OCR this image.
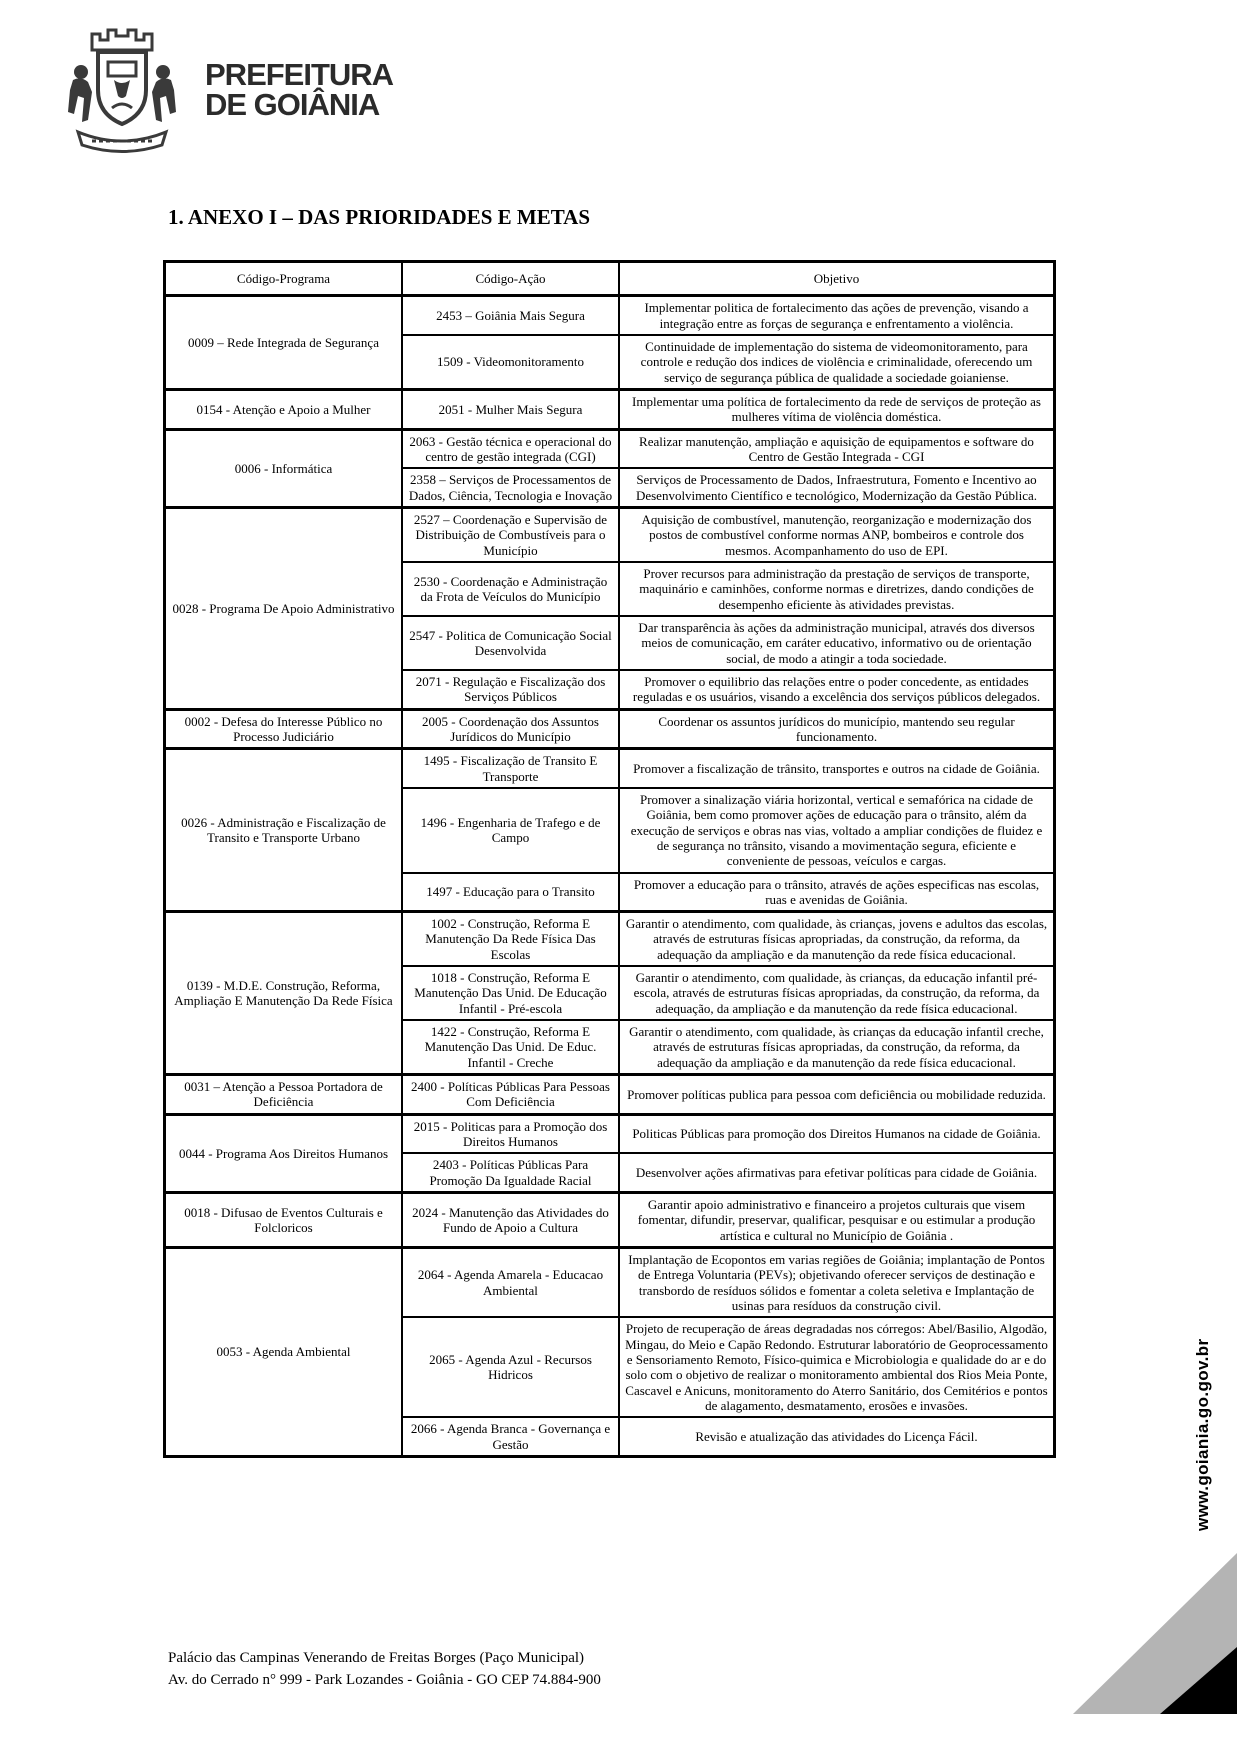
PREFEITURA
DE GOIÂNIA
1. ANEXO I – DAS PRIORIDADES E METAS
Código-Programa	Código-Ação	Objetivo
0009 – Rede Integrada de Segurança	2453 – Goiânia Mais Segura	Implementar politica de fortalecimento das ações de prevenção, visando a integração entre as forças de segurança e enfrentamento a violência.
	1509 - Videomonitoramento	Continuidade de implementação do sistema de videomonitoramento, para controle e redução dos indices de violência e criminalidade, oferecendo um serviço de segurança pública de qualidade a sociedade goianiense.
0154 - Atenção e Apoio a Mulher	2051 - Mulher Mais Segura	Implementar uma política de fortalecimento da rede de serviços de proteção as mulheres vítima de violência doméstica.
0006 - Informática	2063 - Gestão técnica e operacional do centro de gestão integrada (CGI)	Realizar manutenção, ampliação e aquisição de equipamentos e software do Centro de Gestão Integrada - CGI
	2358 – Serviços de Processamentos de Dados, Ciência, Tecnologia e Inovação	Serviços de Processamento de Dados, Infraestrutura, Fomento e Incentivo ao Desenvolvimento Científico e tecnológico, Modernização da Gestão Pública.
0028 - Programa De Apoio Administrativo	2527 – Coordenação e Supervisão de Distribuição de Combustíveis para o Município	Aquisição de combustível, manutenção, reorganização e modernização dos postos de combustível conforme normas ANP, bombeiros e controle dos mesmos. Acompanhamento do uso de EPI.
	2530 - Coordenação e Administração da Frota de Veículos do Município	Prover recursos para administração da prestação de serviços de transporte, maquinário e caminhões, conforme normas e diretrizes, dando condições de desempenho eficiente às atividades previstas.
	2547 - Politica de Comunicação Social Desenvolvida	Dar transparência às ações da administração municipal, através dos diversos meios de comunicação, em caráter educativo, informativo ou de orientação social, de modo a atingir a toda sociedade.
	2071 - Regulação e Fiscalização dos Serviços Públicos	Promover o equilibrio das relações entre o poder concedente, as entidades reguladas e os usuários, visando a excelência dos serviços públicos delegados.
0002 - Defesa do Interesse Público no Processo Judiciário	2005 - Coordenação dos Assuntos Jurídicos do Município	Coordenar os assuntos jurídicos do município, mantendo seu regular funcionamento.
0026 - Administração e Fiscalização de Transito e Transporte Urbano	1495 - Fiscalização de Transito E Transporte	Promover a fiscalização de trânsito, transportes e outros na cidade de Goiânia.
	1496 - Engenharia de Trafego e de Campo	Promover a sinalização viária horizontal, vertical e semafórica na cidade de Goiânia, bem como promover ações de educação para o trânsito, além da execução de serviços e obras nas vias, voltado a ampliar condições de fluidez e de segurança no trânsito, visando a movimentação segura, eficiente e conveniente de pessoas, veículos e cargas.
	1497 - Educação para o Transito	Promover a educação para o trânsito, através de ações especificas nas escolas, ruas e avenidas de Goiânia.
0139 - M.D.E. Construção, Reforma, Ampliação E Manutenção Da Rede Física	1002 - Construção, Reforma E Manutenção Da Rede Física Das Escolas	Garantir o atendimento, com qualidade, às crianças, jovens e adultos das escolas, através de estruturas físicas apropriadas, da construção, da reforma, da adequação da ampliação e da manutenção da rede física educacional.
	1018 - Construção, Reforma E Manutenção Das Unid. De Educação Infantil - Pré-escola	Garantir o atendimento, com qualidade, às crianças, da educação infantil pré-escola, através de estruturas físicas apropriadas, da construção, da reforma, da adequação, da ampliação e da manutenção da rede física educacional.
	1422 - Construção, Reforma E Manutenção Das Unid. De Educ. Infantil - Creche	Garantir o atendimento, com qualidade, às crianças da educação infantil creche, através de estruturas físicas apropriadas, da construção, da reforma, da adequação da ampliação e da manutenção da rede física educacional.
0031 – Atenção a Pessoa Portadora de Deficiência	2400 - Políticas Públicas Para Pessoas Com Deficiência	Promover políticas publica para pessoa com deficiência ou mobilidade reduzida.
0044 - Programa Aos Direitos Humanos	2015 - Politicas para a Promoção dos Direitos Humanos	Politicas Públicas para promoção dos Direitos Humanos na cidade de Goiânia.
	2403 - Políticas Públicas Para Promoção Da Igualdade Racial	Desenvolver ações afirmativas para efetivar políticas para cidade de Goiânia.
0018 - Difusao de Eventos Culturais e Folcloricos	2024 - Manutenção das Atividades do Fundo de Apoio a Cultura	Garantir apoio administrativo e financeiro a projetos culturais que visem fomentar, difundir, preservar, qualificar, pesquisar e ou estimular a produção artística e cultural no Município de Goiânia .
0053 - Agenda Ambiental	2064 - Agenda Amarela - Educacao Ambiental	Implantação de Ecopontos em varias regiões de Goiânia; implantação de Pontos de Entrega Voluntaria (PEVs); objetivando oferecer serviços de destinação e transbordo de resíduos sólidos e fomentar a coleta seletiva e Implantação de usinas para resíduos da construção civil.
	2065 - Agenda Azul - Recursos Hidricos	Projeto de recuperação de áreas degradadas nos córregos: Abel/Basilio, Algodão, Mingau, do Meio e Capão Redondo. Estruturar laboratório de Geoprocessamento e Sensoriamento Remoto, Físico-quimica e Microbiologia e qualidade do ar e do solo com o objetivo de realizar o monitoramento ambiental dos Rios Meia Ponte, Cascavel e Anicuns, monitoramento do Aterro Sanitário, dos Cemitérios e pontos de alagamento, desmatamento, erosões e invasões.
	2066 - Agenda Branca - Governança e Gestão	Revisão e atualização das atividades do Licença Fácil.
Palácio das Campinas Venerando de Freitas Borges (Paço Municipal)
Av. do Cerrado n° 999 - Park Lozandes - Goiânia - GO CEP 74.884-900
www.goiania.go.gov.br
